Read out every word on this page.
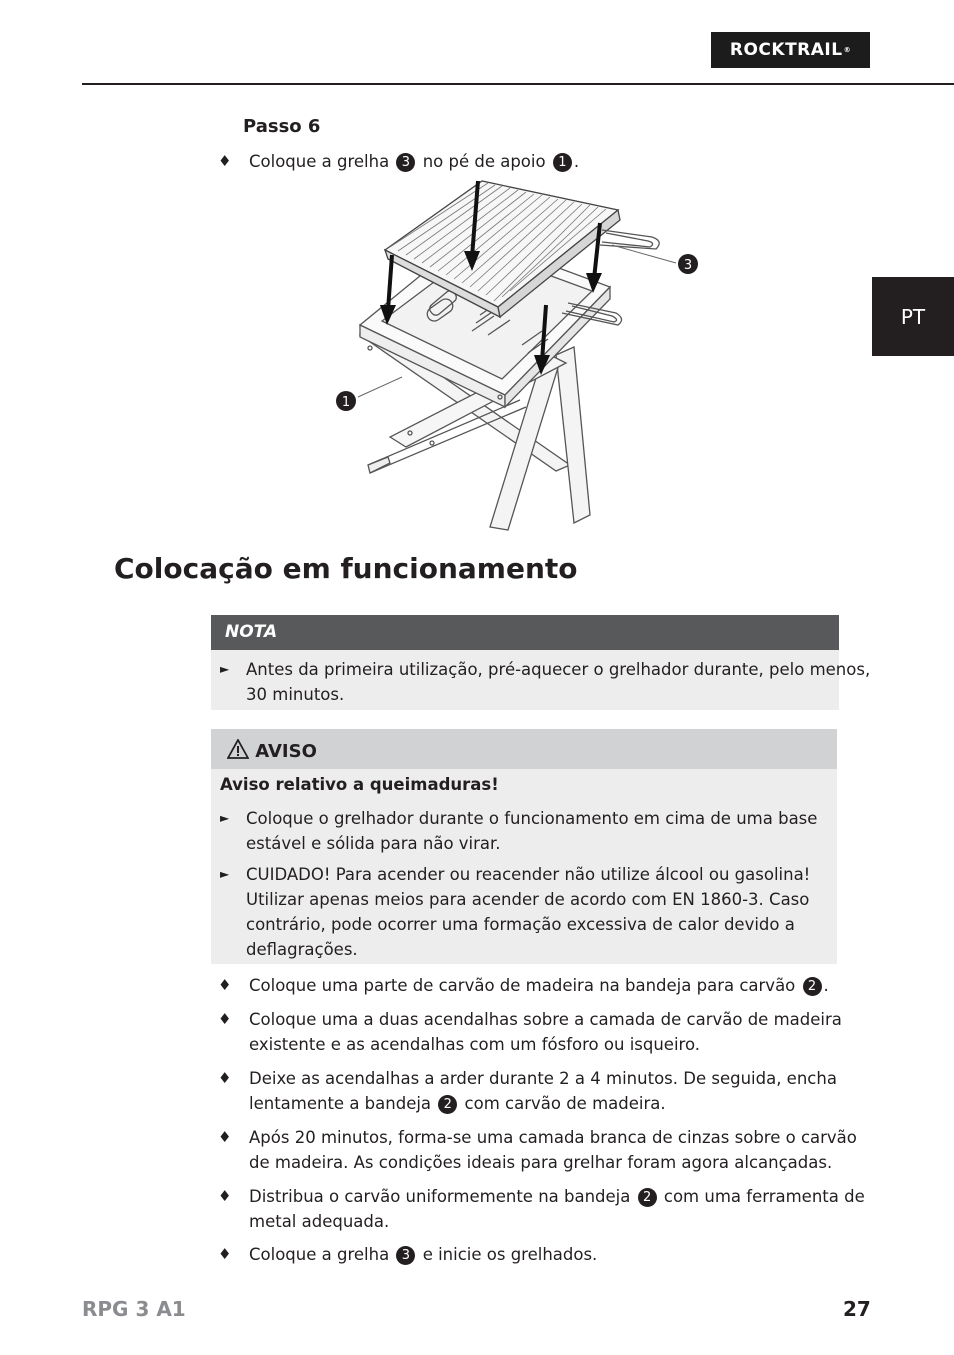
ROCKTRAIL ®
PT
Passo 6
♦	Coloque a grelha 3 no pé de apoio 1 .
3
1
Colocação em funcionamento
NOTA
► Antes da primeira utilização, pré-aquecer o grelhador durante, pelo menos,
30 minutos.
AVISO
Aviso relativo a queimaduras!
► Coloque o grelhador durante o funcionamento em cima de uma base
estável e sólida para não virar.
► CUIDADO! Para acender ou reacender não utilize álcool ou gasolina!
Utilizar apenas meios para acender de acordo com EN 1860-3. Caso
contrário, pode ocorrer uma formação excessiva de calor devido a
deflagrações.
♦	Coloque uma parte de carvão de madeira na bandeja para carvão 2 .
♦	Coloque uma a duas acendalhas sobre a camada de carvão de madeira
existente e as acendalhas com um fósforo ou isqueiro.
♦	Deixe as acendalhas a arder durante 2 a 4 minutos. De seguida, encha
lentamente a bandeja 2 com carvão de madeira.
♦	Após 20 minutos, forma-se uma camada branca de cinzas sobre o carvão
de madeira. As condições ideais para grelhar foram agora alcançadas.
♦	Distribua o carvão uniformemente na bandeja 2 com uma ferramenta de
metal adequada.
♦	Coloque a grelha 3 e inicie os grelhados.
RPG 3 A1	27
